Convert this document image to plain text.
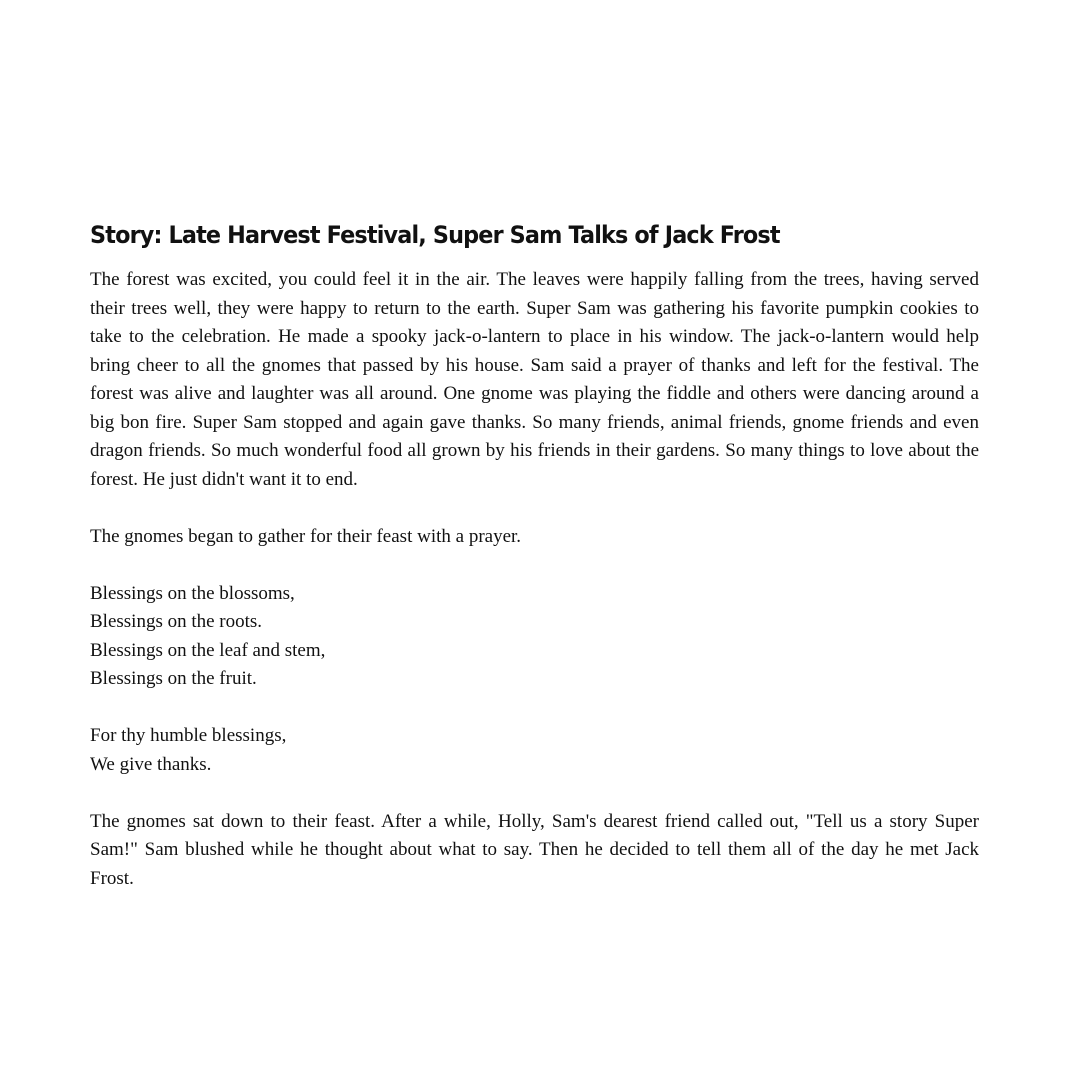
Story: Late Harvest Festival, Super Sam Talks of Jack Frost

The forest was excited, you could feel it in the air. The leaves were happily falling from the trees, having served their trees well, they were happy to return to the earth. Super Sam was gathering his favorite pumpkin cookies to take to the celebration. He made a spooky jack-o-lantern to place in his window. The jack-o-lantern would help bring cheer to all the gnomes that passed by his house. Sam said a prayer of thanks and left for the festival. The forest was alive and laughter was all around. One gnome was playing the fiddle and others were dancing around a big bon fire. Super Sam stopped and again gave thanks. So many friends, animal friends, gnome friends and even dragon friends. So much wonderful food all grown by his friends in their gardens. So many things to love about the forest. He just didn't want it to end.

The gnomes began to gather for their feast with a prayer.

Blessings on the blossoms,
Blessings on the roots.
Blessings on the leaf and stem,
Blessings on the fruit.
For thy humble blessings,
We give thanks.

The gnomes sat down to their feast. After a while, Holly, Sam's dearest friend called out, "Tell us a story Super Sam!" Sam blushed while he thought about what to say. Then he decided to tell them all of the day he met Jack Frost.
